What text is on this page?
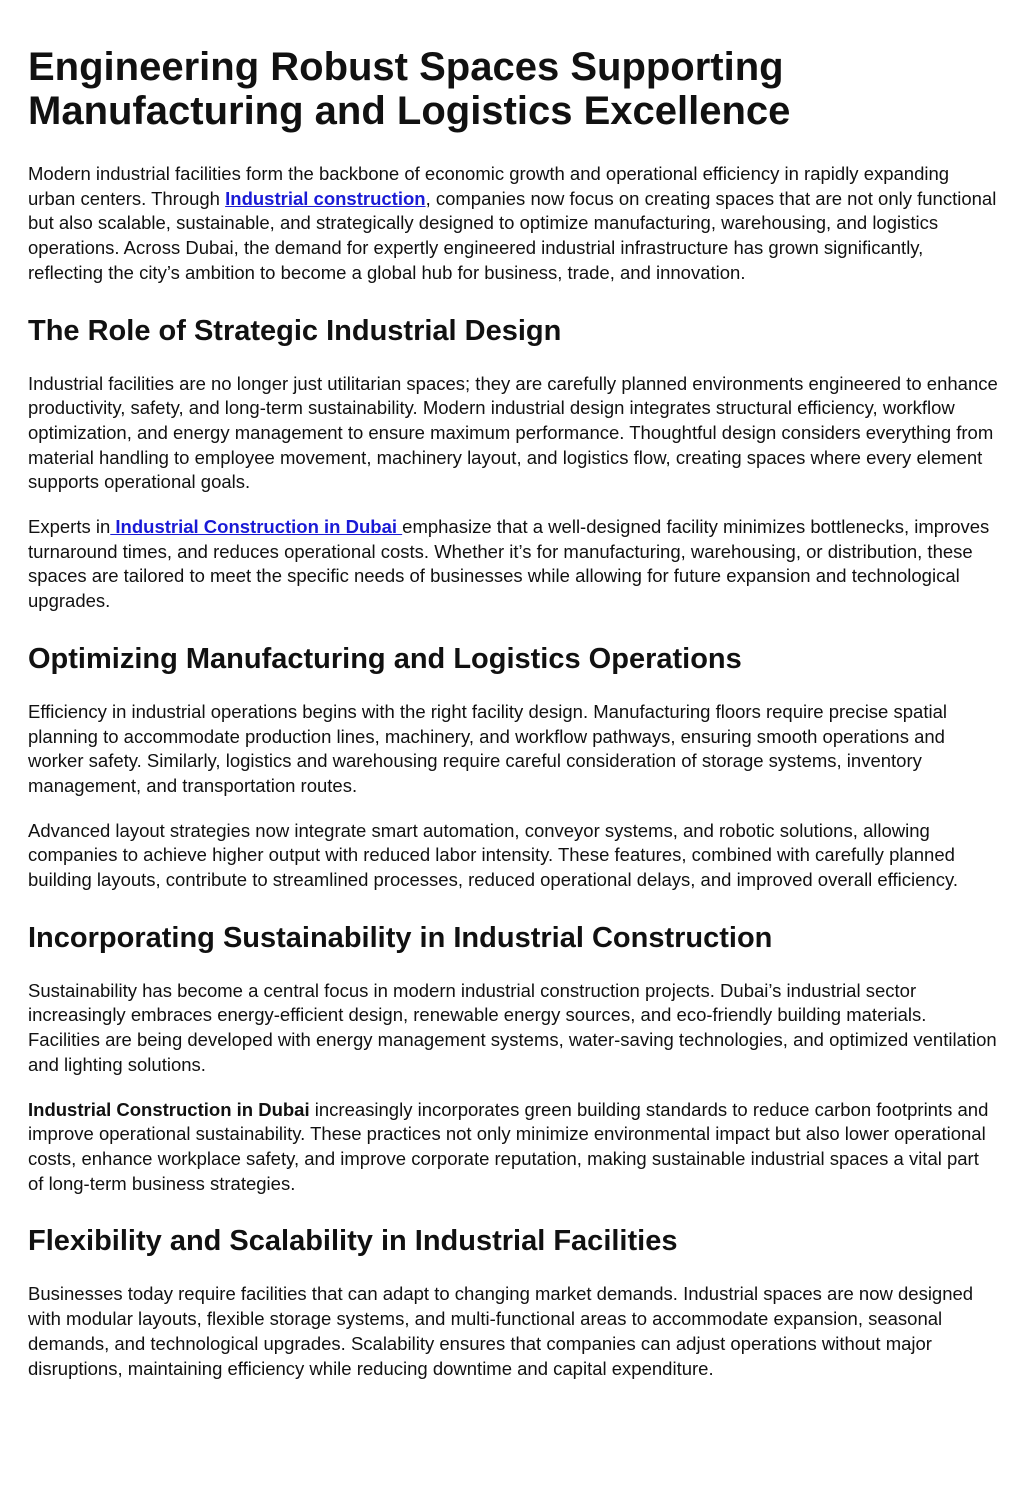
Engineering Robust Spaces Supporting Manufacturing and Logistics Excellence

Modern industrial facilities form the backbone of economic growth and operational efficiency in rapidly expanding urban centers. Through Industrial construction, companies now focus on creating spaces that are not only functional but also scalable, sustainable, and strategically designed to optimize manufacturing, warehousing, and logistics operations. Across Dubai, the demand for expertly engineered industrial infrastructure has grown significantly, reflecting the city’s ambition to become a global hub for business, trade, and innovation.

The Role of Strategic Industrial Design

Industrial facilities are no longer just utilitarian spaces; they are carefully planned environments engineered to enhance productivity, safety, and long-term sustainability. Modern industrial design integrates structural efficiency, workflow optimization, and energy management to ensure maximum performance. Thoughtful design considers everything from material handling to employee movement, machinery layout, and logistics flow, creating spaces where every element supports operational goals.

Experts in Industrial Construction in Dubai emphasize that a well-designed facility minimizes bottlenecks, improves turnaround times, and reduces operational costs. Whether it’s for manufacturing, warehousing, or distribution, these spaces are tailored to meet the specific needs of businesses while allowing for future expansion and technological upgrades.

Optimizing Manufacturing and Logistics Operations

Efficiency in industrial operations begins with the right facility design. Manufacturing floors require precise spatial planning to accommodate production lines, machinery, and workflow pathways, ensuring smooth operations and worker safety. Similarly, logistics and warehousing require careful consideration of storage systems, inventory management, and transportation routes.

Advanced layout strategies now integrate smart automation, conveyor systems, and robotic solutions, allowing companies to achieve higher output with reduced labor intensity. These features, combined with carefully planned building layouts, contribute to streamlined processes, reduced operational delays, and improved overall efficiency.

Incorporating Sustainability in Industrial Construction

Sustainability has become a central focus in modern industrial construction projects. Dubai’s industrial sector increasingly embraces energy-efficient design, renewable energy sources, and eco-friendly building materials. Facilities are being developed with energy management systems, water-saving technologies, and optimized ventilation and lighting solutions.

Industrial Construction in Dubai increasingly incorporates green building standards to reduce carbon footprints and improve operational sustainability. These practices not only minimize environmental impact but also lower operational costs, enhance workplace safety, and improve corporate reputation, making sustainable industrial spaces a vital part of long-term business strategies.

Flexibility and Scalability in Industrial Facilities

Businesses today require facilities that can adapt to changing market demands. Industrial spaces are now designed with modular layouts, flexible storage systems, and multi-functional areas to accommodate expansion, seasonal demands, and technological upgrades. Scalability ensures that companies can adjust operations without major disruptions, maintaining efficiency while reducing downtime and capital expenditure.
